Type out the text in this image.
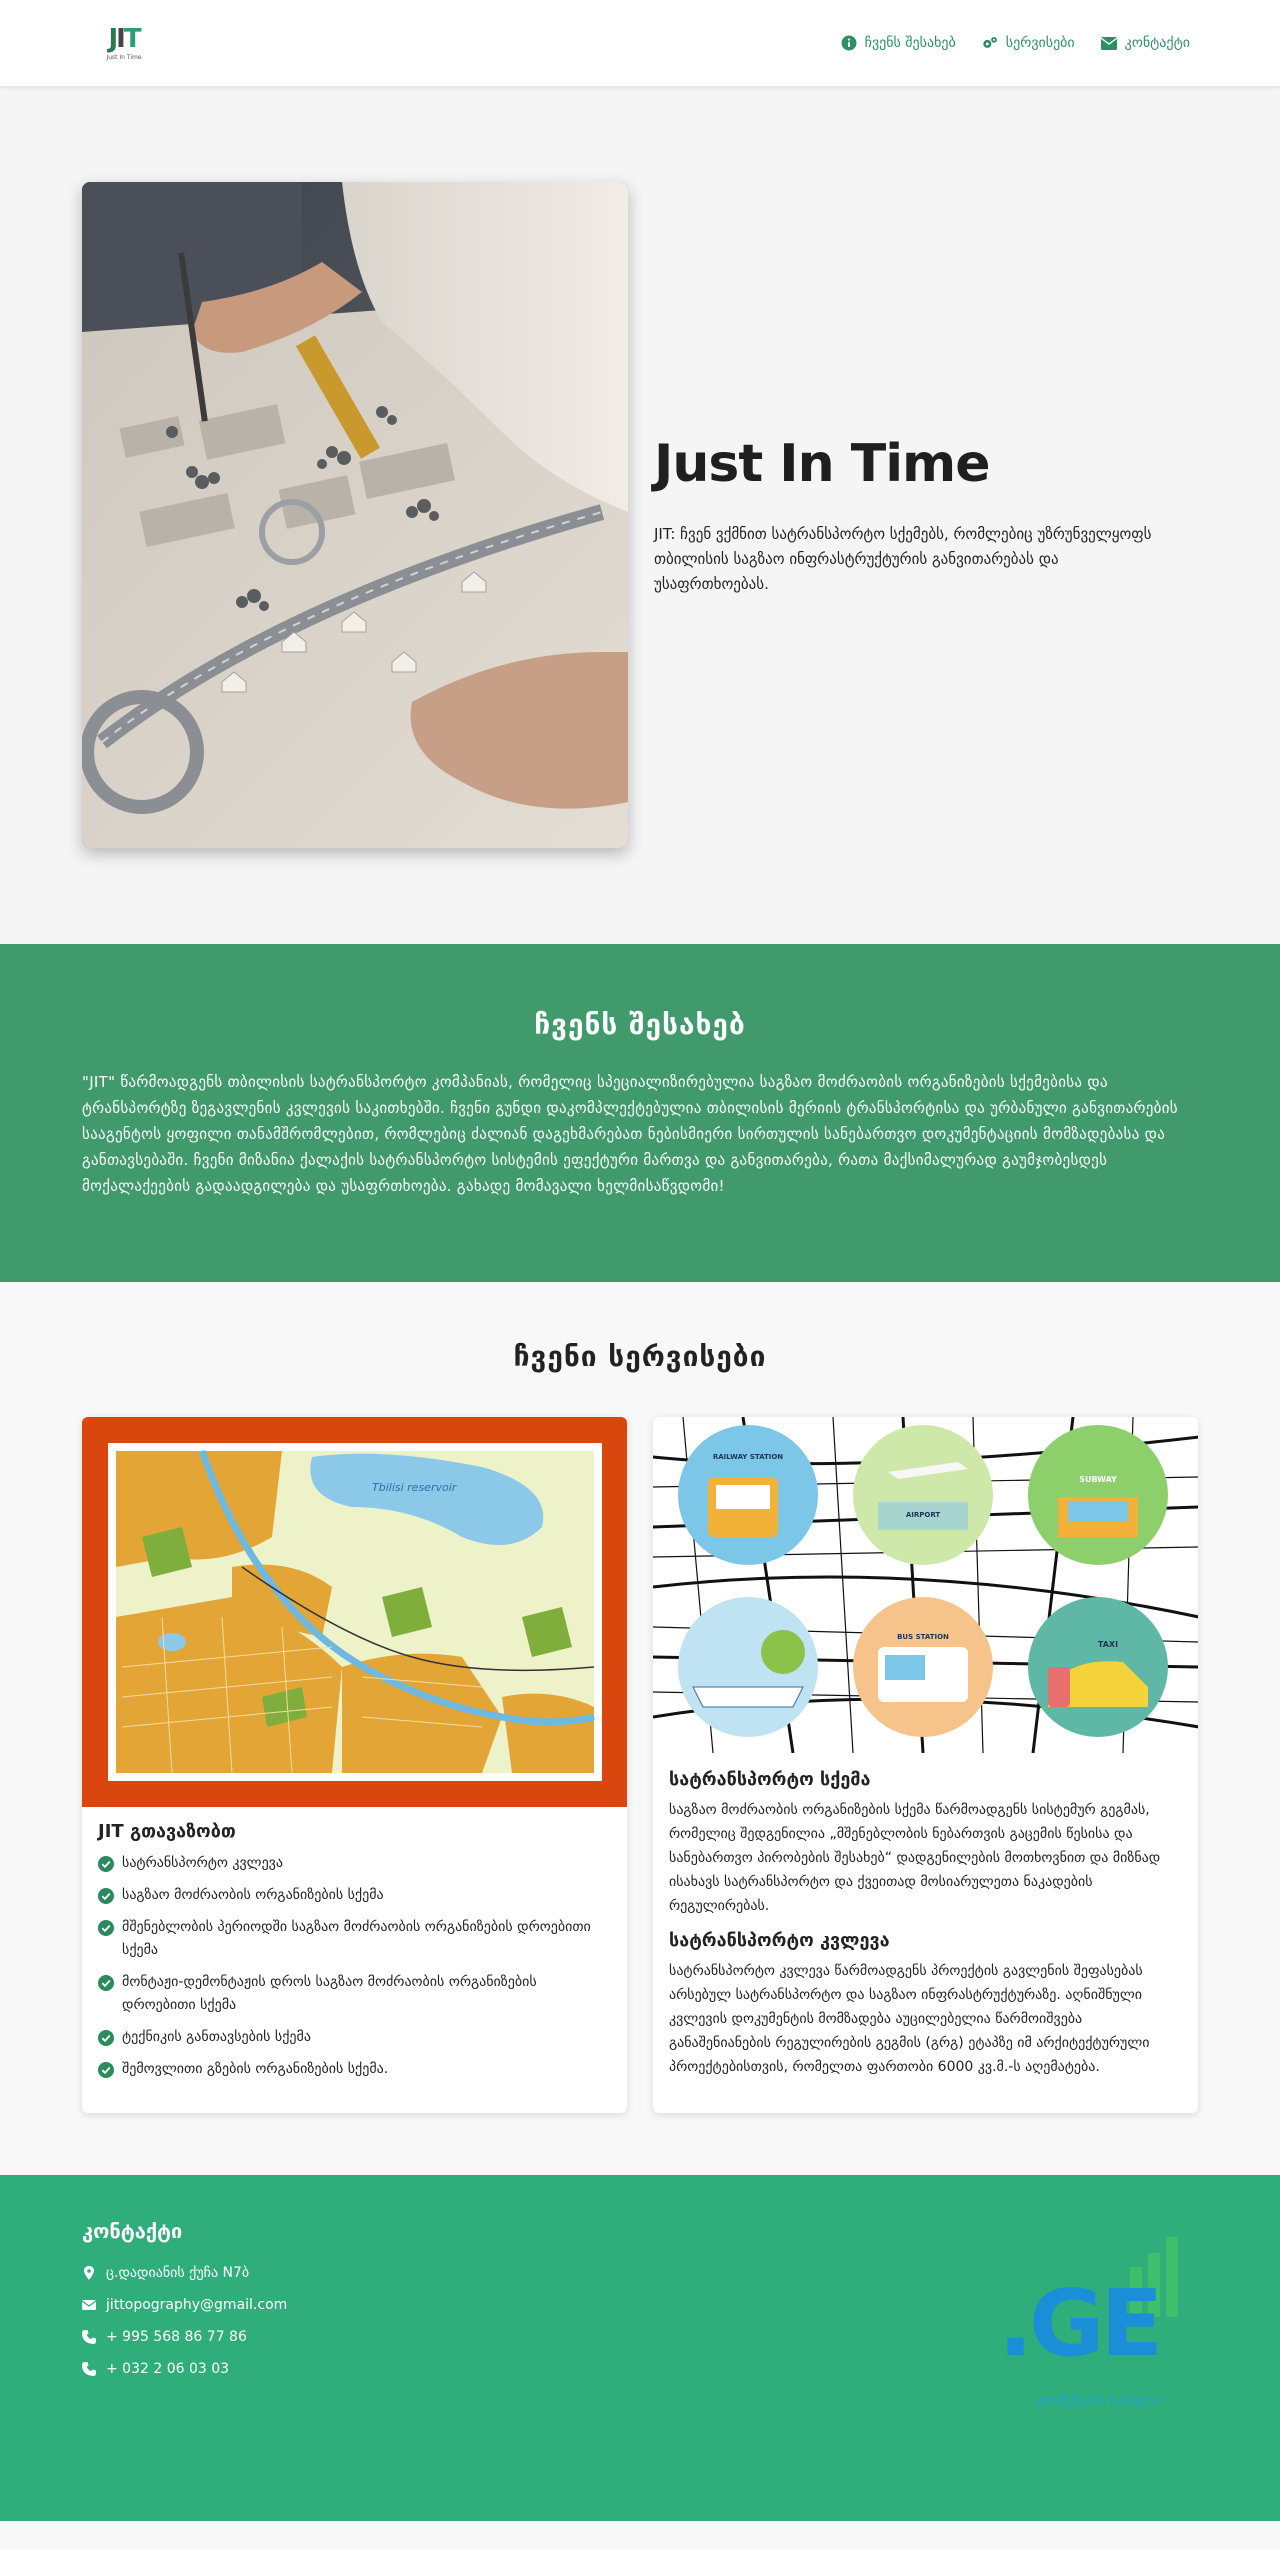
JIT
Just In Time
ჩვენს შესახებ	სერვისები	კონტაქტი
Just In Time

JIT: ჩვენ ვქმნით სატრანსპორტო სქემებს, რომლებიც უზრუნველყოფს თბილისის საგზაო ინფრასტრუქტურის განვითარებას და უსაფრთხოებას.

ჩვენს შესახებ

"JIT" წარმოადგენს თბილისის სატრანსპორტო კომპანიას, რომელიც სპეციალიზირებულია საგზაო მოძრაობის ორგანიზების სქემებისა და ტრანსპორტზე ზეგავლენის კვლევის საკითხებში. ჩვენი გუნდი დაკომპლექტებულია თბილისის მერიის ტრანსპორტისა და ურბანული განვითარების სააგენტოს ყოფილი თანამშრომლებით, რომლებიც ძალიან დაგეხმარებათ ნებისმიერი სირთულის სანებართვო დოკუმენტაციის მომზადებასა და განთავსებაში. ჩვენი მიზანია ქალაქის სატრანსპორტო სისტემის ეფექტური მართვა და განვითარება, რათა მაქსიმალურად გაუმჯობესდეს მოქალაქეების გადაადგილება და უსაფრთხოება. გახადე მომავალი ხელმისაწვდომი!

ჩვენი სერვისები
Tbilisi reservoir
JIT გთავაზობთ
სატრანსპორტო კვლევა
საგზაო მოძრაობის ორგანიზების სქემა
მშენებლობის პერიოდში საგზაო მოძრაობის ორგანიზების დროებითი სქემა
მონტაჟი-დემონტაჟის დროს საგზაო მოძრაობის ორგანიზების დროებითი სქემა
ტექნიკის განთავსების სქემა
შემოვლითი გზების ორგანიზების სქემა.
RAILWAY STATION
AIRPORT
SUBWAY
BUS STATION
TAXI
სატრანსპორტო სქემა

საგზაო მოძრაობის ორგანიზების სქემა წარმოადგენს სისტემურ გეგმას, რომელიც შედგენილია „მშენებლობის ნებართვის გაცემის წესისა და სანებართვო პირობების შესახებ“ დადგენილების მოთხოვნით და მიზნად ისახავს სატრანსპორტო და ქვეითად მოსიარულეთა ნაკადების რეგულირებას.

სატრანსპორტო კვლევა

სატრანსპორტო კვლევა წარმოადგენს პროექტის გავლენის შეფასებას არსებულ სატრანსპორტო და საგზაო ინფრასტრუქტურაზე. აღნიშნული კვლევის დოკუმენტის მომზადება აუცილებელია წარმოიშვება განაშენიანების რეგულირების გეგმის (გრგ) ეტაპზე იმ არქიტექტურული პროექტებისთვის, რომელთა ფართობი 6000 კვ.მ.-ს აღემატება.

კონტაქტი
ც.დადიანის ქუჩა N7ბ
jittopography@gmail.com
+ 995 568 86 77 86
+ 032 2 06 03 03	.GE
დომენური სახელი
